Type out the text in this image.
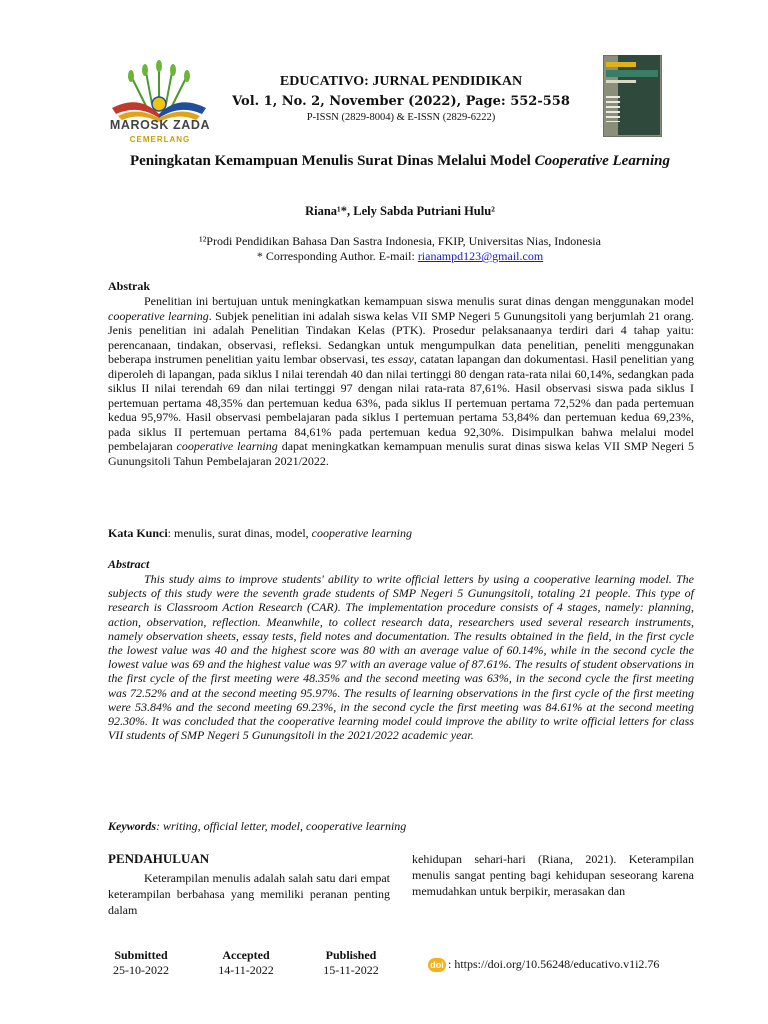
MAROSK ZADA
CEMERLANG
EDUCATIVO: JURNAL PENDIDIKAN
Vol. 1, No. 2, November (2022), Page: 552-558
P-ISSN (2829-8004) & E-ISSN (2829-6222)
Peningkatan Kemampuan Menulis Surat Dinas Melalui Model Cooperative Learning
Riana¹*, Lely Sabda Putriani Hulu²
¹²Prodi Pendidikan Bahasa Dan Sastra Indonesia, FKIP, Universitas Nias, Indonesia
* Corresponding Author. E-mail: rianampd123@gmail.com
Abstrak

Penelitian ini bertujuan untuk meningkatkan kemampuan siswa menulis surat dinas dengan menggunakan model cooperative learning. Subjek penelitian ini adalah siswa kelas VII SMP Negeri 5 Gunungsitoli yang berjumlah 21 orang. Jenis penelitian ini adalah Penelitian Tindakan Kelas (PTK). Prosedur pelaksanaanya terdiri dari 4 tahap yaitu: perencanaan, tindakan, observasi, refleksi. Sedangkan untuk mengumpulkan data penelitian, peneliti menggunakan beberapa instrumen penelitian yaitu lembar observasi, tes essay, catatan lapangan dan dokumentasi. Hasil penelitian yang diperoleh di lapangan, pada siklus I nilai terendah 40 dan nilai tertinggi 80 dengan rata-rata nilai 60,14%, sedangkan pada siklus II nilai terendah 69 dan nilai tertinggi 97 dengan nilai rata-rata 87,61%. Hasil observasi siswa pada siklus I pertemuan pertama 48,35% dan pertemuan kedua 63%, pada siklus II pertemuan pertama 72,52% dan pada pertemuan kedua 95,97%. Hasil observasi pembelajaran pada siklus I pertemuan pertama 53,84% dan pertemuan kedua 69,23%, pada siklus II pertemuan pertama 84,61% pada pertemuan kedua 92,30%. Disimpulkan bahwa melalui model pembelajaran cooperative learning dapat meningkatkan kemampuan menulis surat dinas siswa kelas VII SMP Negeri 5 Gunungsitoli Tahun Pembelajaran 2021/2022.

Kata Kunci: menulis, surat dinas, model, cooperative learning
Abstract

This study aims to improve students' ability to write official letters by using a cooperative learning model. The subjects of this study were the seventh grade students of SMP Negeri 5 Gunungsitoli, totaling 21 people. This type of research is Classroom Action Research (CAR). The implementation procedure consists of 4 stages, namely: planning, action, observation, reflection. Meanwhile, to collect research data, researchers used several research instruments, namely observation sheets, essay tests, field notes and documentation. The results obtained in the field, in the first cycle the lowest value was 40 and the highest score was 80 with an average value of 60.14%, while in the second cycle the lowest value was 69 and the highest value was 97 with an average value of 87.61%. The results of student observations in the first cycle of the first meeting were 48.35% and the second meeting was 63%, in the second cycle the first meeting was 72.52% and at the second meeting 95.97%. The results of learning observations in the first cycle of the first meeting were 53.84% and the second meeting 69.23%, in the second cycle the first meeting was 84.61% at the second meeting 92.30%. It was concluded that the cooperative learning model could improve the ability to write official letters for class VII students of SMP Negeri 5 Gunungsitoli in the 2021/2022 academic year.

Keywords: writing, official letter, model, cooperative learning
PENDAHULUAN

Keterampilan menulis adalah salah satu dari empat keterampilan berbahasa yang memiliki peranan penting dalam

kehidupan sehari-hari (Riana, 2021). Keterampilan menulis sangat penting bagi kehidupan seseorang karena memudahkan untuk berpikir, merasakan dan

Submitted
25-10-2022
Accepted
14-11-2022
Published
15-11-2022	doi : https://doi.org/10.56248/educativo.v1i2.76
